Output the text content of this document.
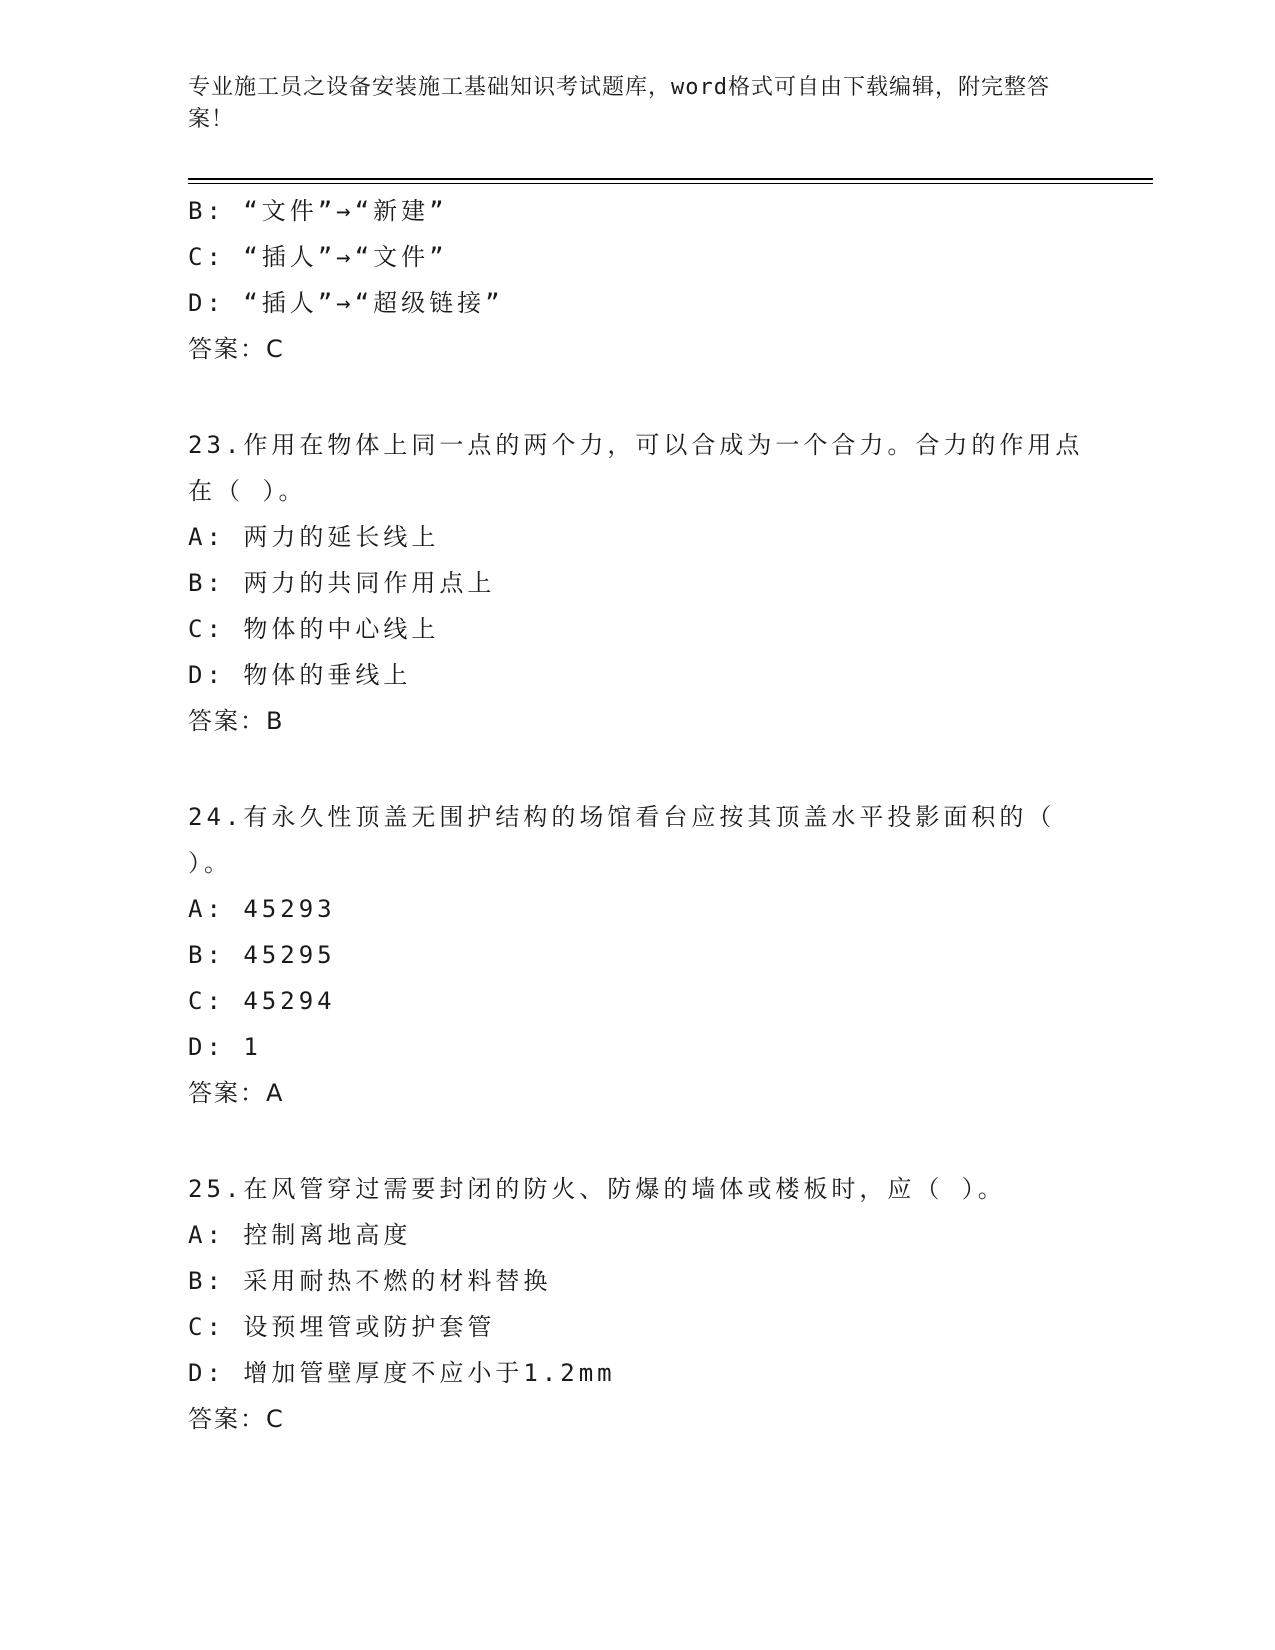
专业施工员之设备安装施工基础知识考试题库，word格式可自由下载编辑，附完整答案！
B: “文件”→“新建”
C: “插人”→“文件”
D: “插人”→“超级链接”
答案：C
23.作用在物体上同一点的两个力，可以合成为一个合力。合力的作用点在（ ）。
A: 两力的延长线上
B: 两力的共同作用点上
C: 物体的中心线上
D: 物体的垂线上
答案：B
24.有永久性顶盖无围护结构的场馆看台应按其顶盖水平投影面积的（ ）。
A: 45293
B: 45295
C: 45294
D: 1
答案：A
25.在风管穿过需要封闭的防火、防爆的墙体或楼板时，应（ ）。
A: 控制离地高度
B: 采用耐热不燃的材料替换
C: 设预埋管或防护套管
D: 增加管壁厚度不应小于1.2mm
答案：C
